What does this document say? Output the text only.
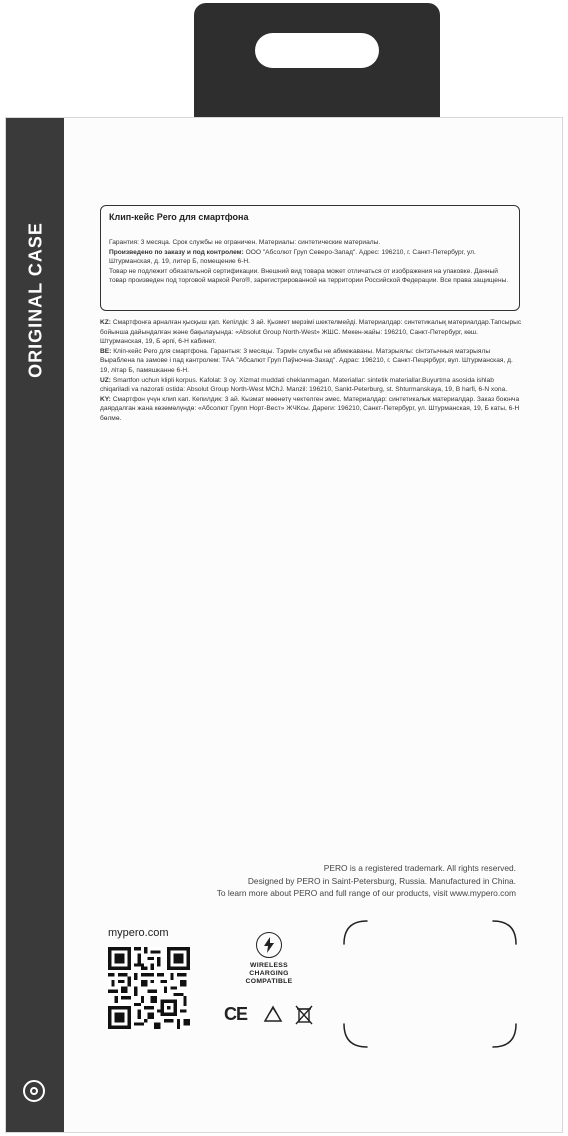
ORIGINAL CASE

Клип-кейс Pero для смартфона

Гарантия: 3 месяца. Срок службы не ограничен. Материалы: синтетические материалы.

Произведено по заказу и под контролем: ООО "Абсолют Груп Северо-Запад". Адрес: 196210, г. Санкт-Петербург, ул. Штурманская, д. 19, литер Б, помещение 6-Н.

Товар не подлежит обязательной сертификации. Внешний вид товара может отличаться от изображения на упаковке. Данный товар произведен под торговой маркой Pero®, зарегистрированной на территории Российской Федерации. Все права защищены.

KZ: Смартфонға арналған қысқыш қап. Кепілдік: 3 ай. Қызмет мерзімі шектелмейді. Материалдар: синтетикалық материалдар.Тапсырыс бойынша дайындалған және бақылауында: «Absolut Group North-West» ЖШС. Мекен-жайы: 196210, Санкт-Петербург, көш. Штурманская, 19, Б әрпі, 6-Н кабинет.

BE: Кліп-кейс Pero для смартфона. Гарантыя: 3 месяцы. Тэрмін службы не абмежаваны. Матэрыялы: сінтэтычныя матэрыялы Выраблена па замове і пад кантролем: ТАА "Абсалют Груп Паўночна-Захад". Адрас: 196210, г. Санкт-Пецярбург, вул. Штурманская, д. 19, літар Б, памяшканне 6-Н.

UZ: Smartfon uchun klipli korpus. Kafolat: 3 oy. Xizmat muddati cheklanmagan. Materiallar: sintetik materiallar.Buyurtma asosida ishlab chiqariladi va nazorati ostida: Absolut Group North-West MChJ. Manzil: 196210, Sankt-Peterburg, st. Shturmanskaya, 19, B harfi, 6-N xona.

KY: Смартфон үчүн клип кап. Кепилдик: 3 ай. Кызмат мөөнөтү чектелген эмес. Материалдар: синтетикалык материалдар. Заказ боюнча даярдалган жана көзөмөлүндө: «Абсолют Групп Норт-Вест» ЖЧКсы. Дареги: 196210, Санкт-Петербург, ул. Штурманская, 19, Б каты, 6-Н бөлмө.

PERO is a registered trademark. All rights reserved.

Designed by PERO in Saint-Petersburg, Russia. Manufactured in China.

To learn more about PERO and full range of our products, visit www.mypero.com

mypero.com
WIRELESS
CHARGING
COMPATIBLE
CE
